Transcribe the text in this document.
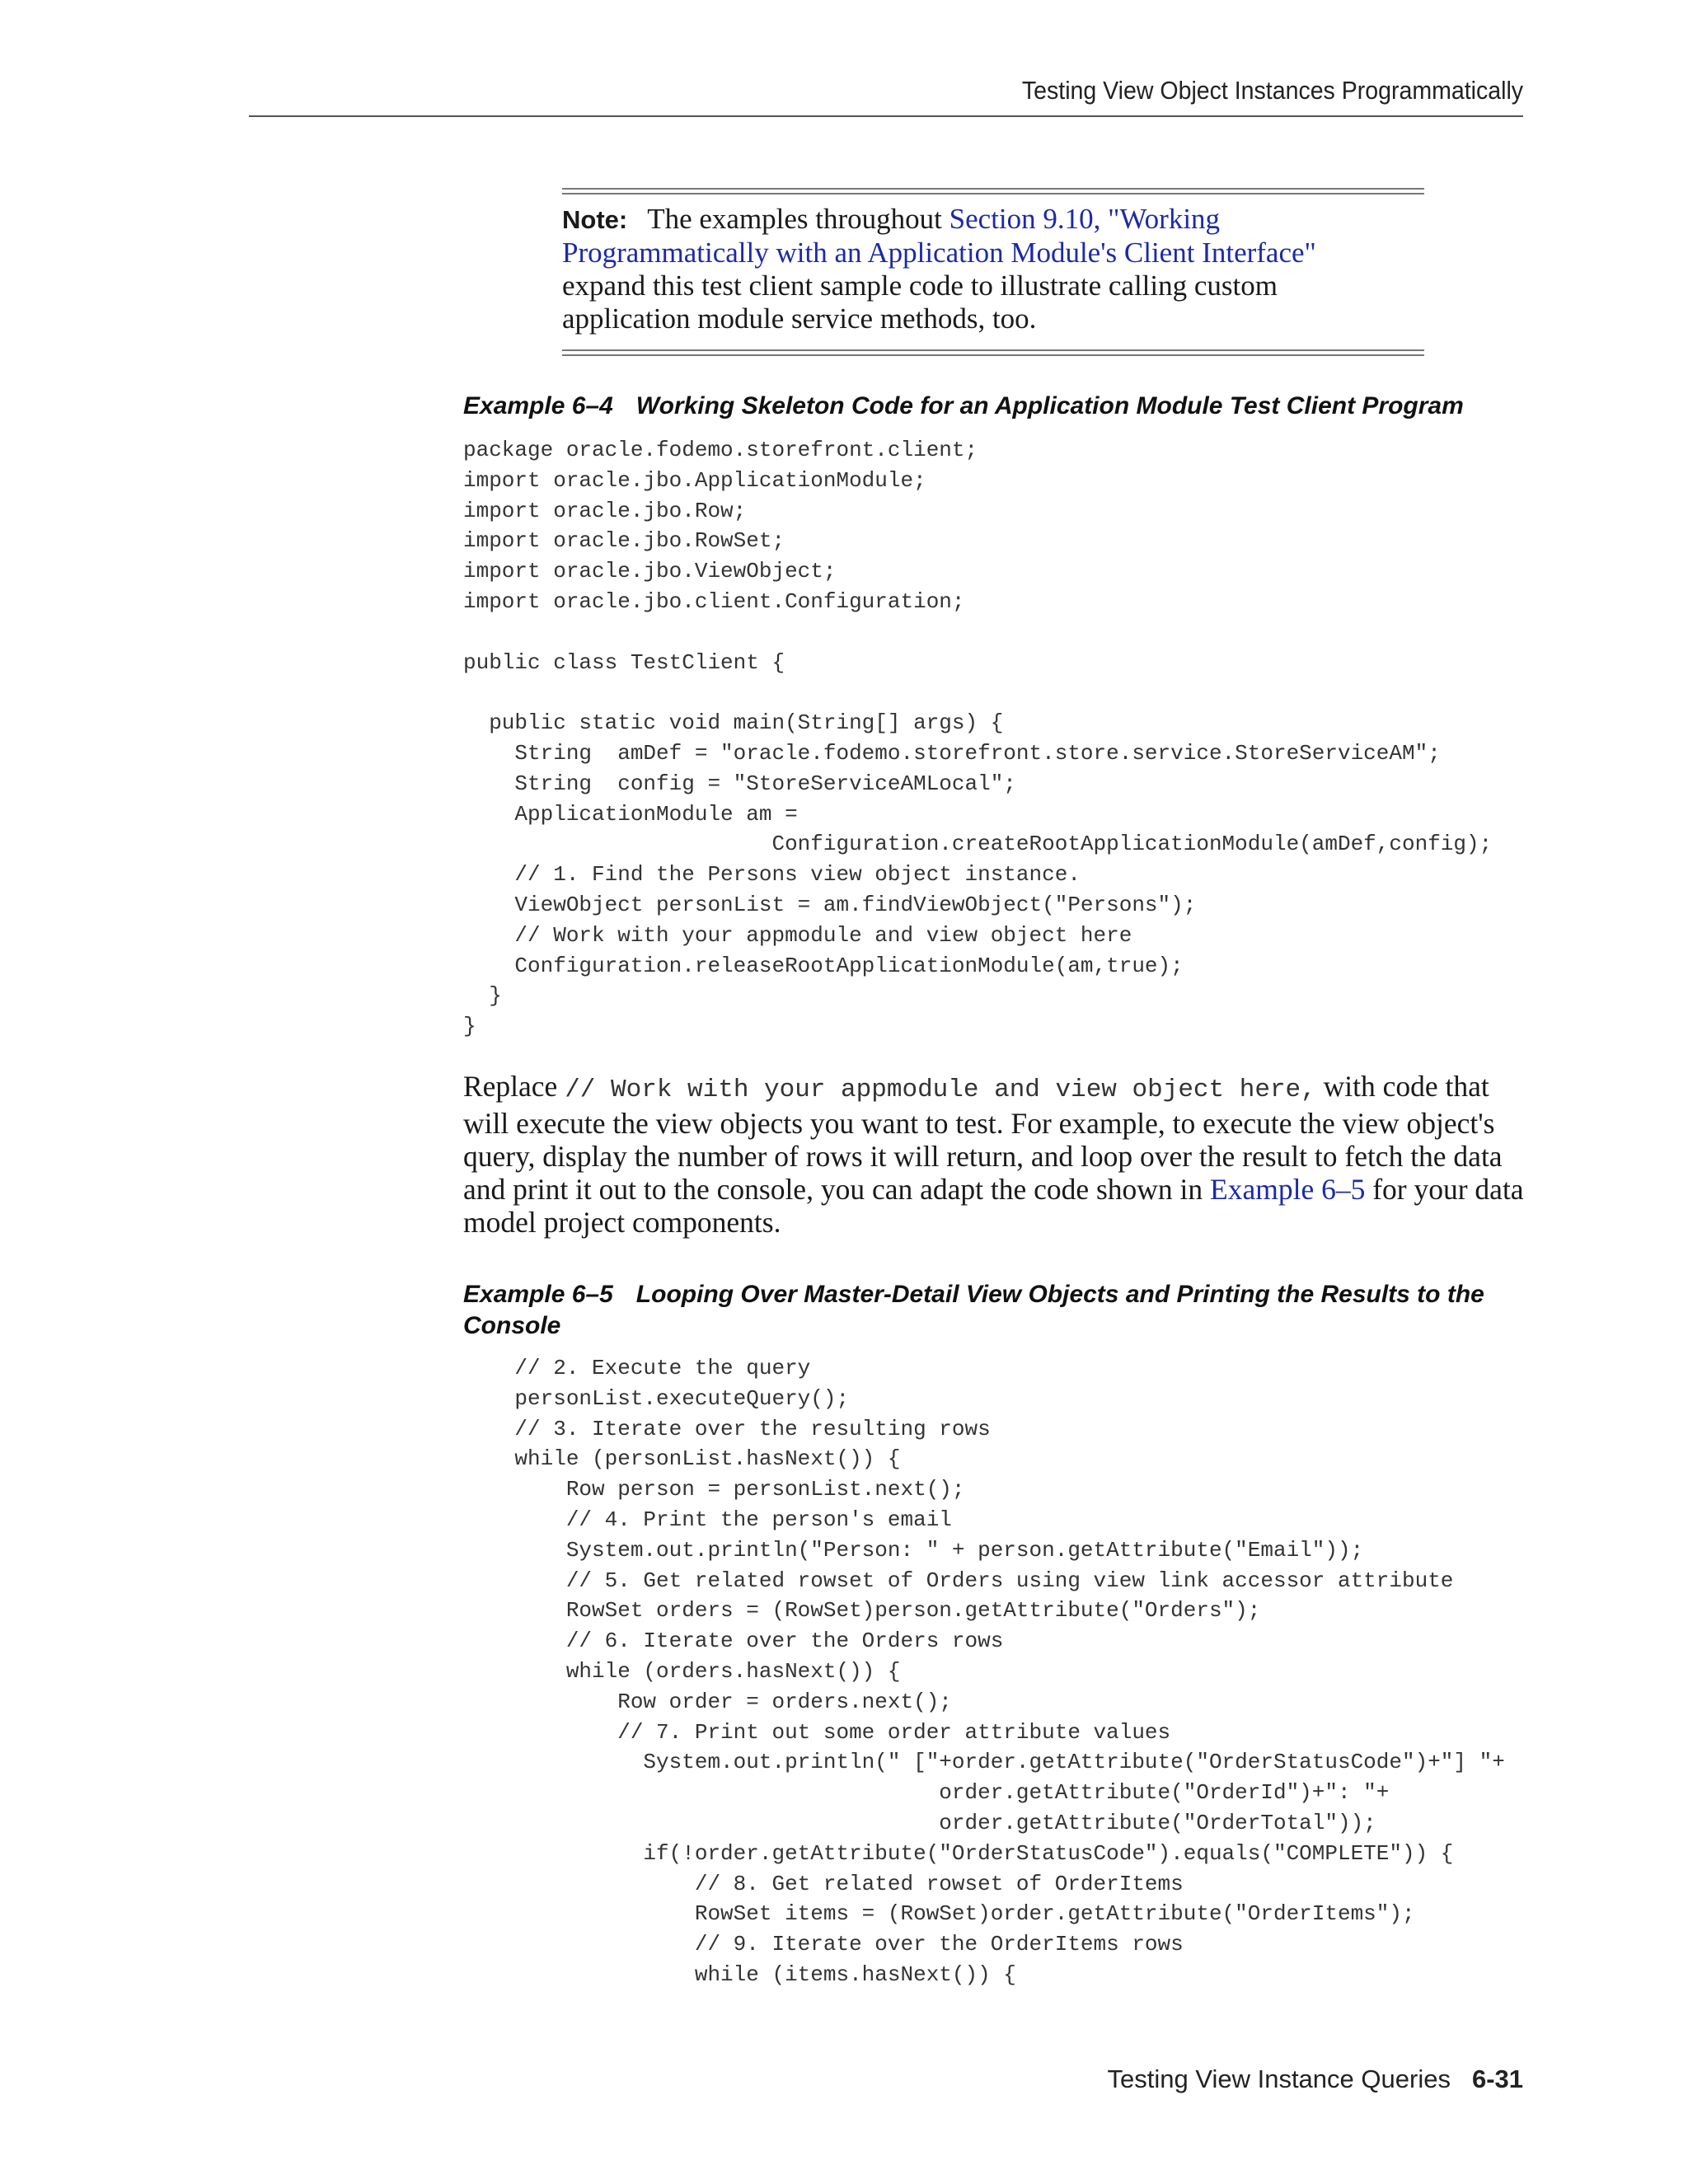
Testing View Object Instances Programmatically
Note: The examples throughout Section 9.10, "Working Programmatically with an Application Module's Client Interface" expand this test client sample code to illustrate calling custom application module service methods, too.
Example 6–4 Working Skeleton Code for an Application Module Test Client Program
package oracle.fodemo.storefront.client;
import oracle.jbo.ApplicationModule;
import oracle.jbo.Row;
import oracle.jbo.RowSet;
import oracle.jbo.ViewObject;
import oracle.jbo.client.Configuration;

public class TestClient {

public static void main(String[] args) {
String  amDef = "oracle.fodemo.storefront.store.service.StoreServiceAM";
String  config = "StoreServiceAMLocal";
ApplicationModule am =
Configuration.createRootApplicationModule(amDef,config);
// 1. Find the Persons view object instance.
ViewObject personList = am.findViewObject("Persons");
// Work with your appmodule and view object here
Configuration.releaseRootApplicationModule(am,true);
}
}
Replace // Work with your appmodule and view object here, with code that will execute the view objects you want to test. For example, to execute the view object's query, display the number of rows it will return, and loop over the result to fetch the data and print it out to the console, you can adapt the code shown in Example 6–5 for your data model project components.
Example 6–5 Looping Over Master-Detail View Objects and Printing the Results to the Console
// 2. Execute the query
personList.executeQuery();
// 3. Iterate over the resulting rows
while (personList.hasNext()) {
Row person = personList.next();
// 4. Print the person's email
System.out.println("Person: " + person.getAttribute("Email"));
// 5. Get related rowset of Orders using view link accessor attribute
RowSet orders = (RowSet)person.getAttribute("Orders");
// 6. Iterate over the Orders rows
while (orders.hasNext()) {
Row order = orders.next();
// 7. Print out some order attribute values
System.out.println(" ["+order.getAttribute("OrderStatusCode")+"] "+
order.getAttribute("OrderId")+": "+
order.getAttribute("OrderTotal"));
if(!order.getAttribute("OrderStatusCode").equals("COMPLETE")) {
// 8. Get related rowset of OrderItems
RowSet items = (RowSet)order.getAttribute("OrderItems");
// 9. Iterate over the OrderItems rows
while (items.hasNext()) {
Testing View Instance Queries 6-31
